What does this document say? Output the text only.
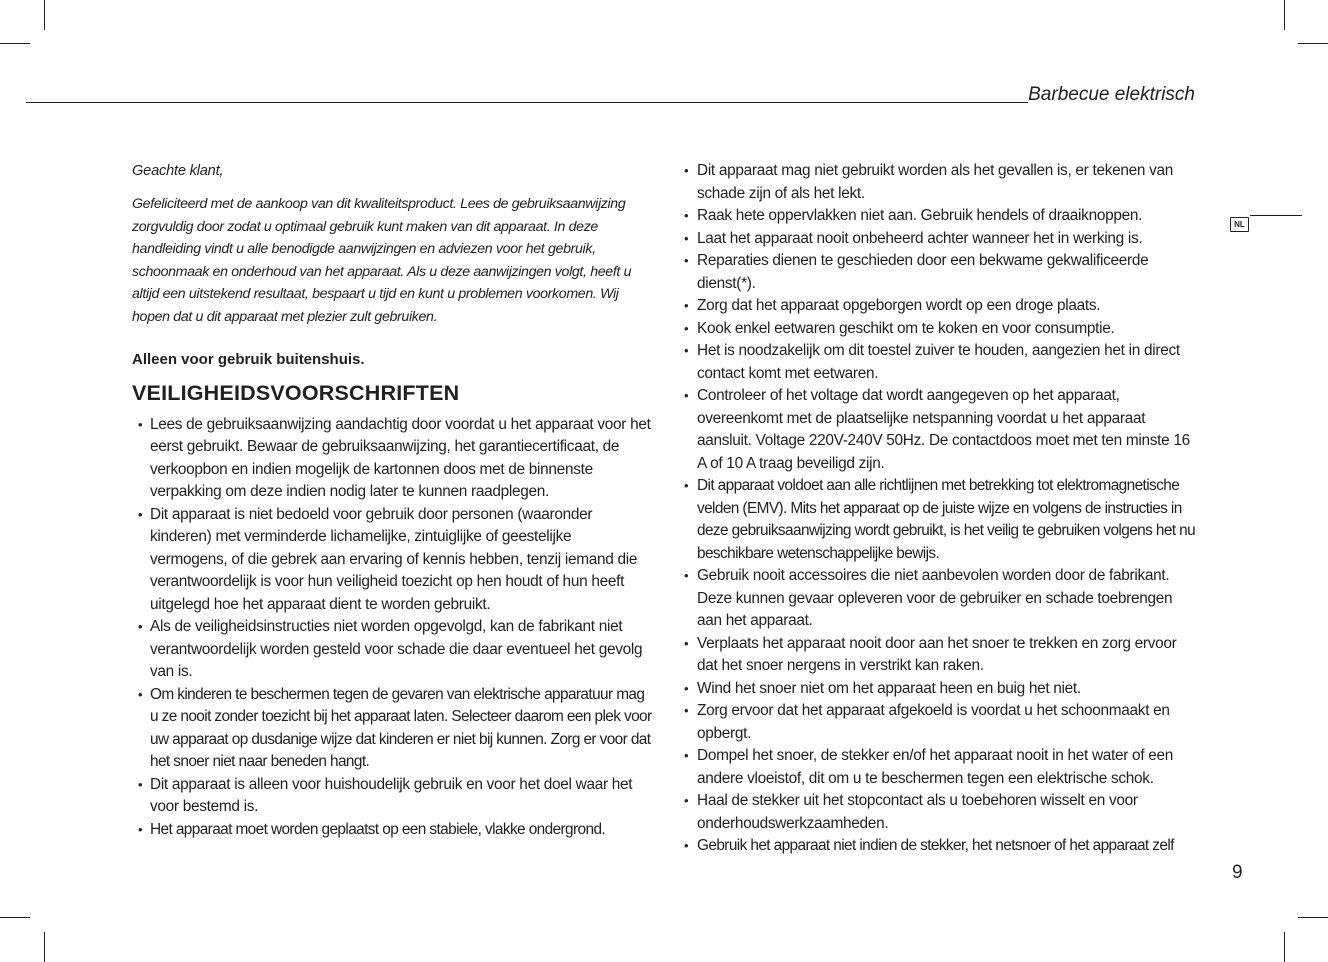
Barbecue elektrisch
NL

Geachte klant,

Gefeliciteerd met de aankoop van dit kwaliteitsproduct. Lees de gebruiksaanwijzing zorgvuldig door zodat u optimaal gebruik kunt maken van dit apparaat. In deze handleiding vindt u alle benodigde aanwijzingen en adviezen voor het gebruik, schoonmaak en onderhoud van het apparaat. Als u deze aanwijzingen volgt, heeft u altijd een uitstekend resultaat, bespaart u tijd en kunt u problemen voorkomen. Wij hopen dat u dit apparaat met plezier zult gebruiken.

Alleen voor gebruik buitenshuis.

VEILIGHEIDSVOORSCHRIFTEN
• Lees de gebruiksaanwijzing aandachtig door voordat u het apparaat voor het eerst gebruikt. Bewaar de gebruiksaanwijzing, het garantiecertificaat, de verkoopbon en indien mogelijk de kartonnen doos met de binnenste verpakking om deze indien nodig later te kunnen raadplegen.
• Dit apparaat is niet bedoeld voor gebruik door personen (waaronder kinderen) met verminderde lichamelijke, zintuiglijke of geestelijke vermogens, of die gebrek aan ervaring of kennis hebben, tenzij iemand die verantwoordelijk is voor hun veiligheid toezicht op hen houdt of hun heeft uitgelegd hoe het apparaat dient te worden gebruikt.
• Als de veiligheidsinstructies niet worden opgevolgd, kan de fabrikant niet verantwoordelijk worden gesteld voor schade die daar eventueel het gevolg van is.
• Om kinderen te beschermen tegen de gevaren van elektrische apparatuur mag u ze nooit zonder toezicht bij het apparaat laten. Selecteer daarom een plek voor uw apparaat op dusdanige wijze dat kinderen er niet bij kunnen. Zorg er voor dat het snoer niet naar beneden hangt.
• Dit apparaat is alleen voor huishoudelijk gebruik en voor het doel waar het voor bestemd is.
• Het apparaat moet worden geplaatst op een stabiele, vlakke ondergrond.
• Dit apparaat mag niet gebruikt worden als het gevallen is, er tekenen van schade zijn of als het lekt.
• Raak hete oppervlakken niet aan. Gebruik hendels of draaiknoppen.
• Laat het apparaat nooit onbeheerd achter wanneer het in werking is.
• Reparaties dienen te geschieden door een bekwame gekwalificeerde dienst(*).
• Zorg dat het apparaat opgeborgen wordt op een droge plaats.
• Kook enkel eetwaren geschikt om te koken en voor consumptie.
• Het is noodzakelijk om dit toestel zuiver te houden, aangezien het in direct contact komt met eetwaren.
• Controleer of het voltage dat wordt aangegeven op het apparaat, overeenkomt met de plaatselijke netspanning voordat u het apparaat aansluit. Voltage 220V-240V 50Hz. De contactdoos moet met ten minste 16 A of 10 A traag beveiligd zijn.
• Dit apparaat voldoet aan alle richtlijnen met betrekking tot elektromagnetische velden (EMV). Mits het apparaat op de juiste wijze en volgens de instructies in deze gebruiksaanwijzing wordt gebruikt, is het veilig te gebruiken volgens het nu beschikbare wetenschappelijke bewijs.
• Gebruik nooit accessoires die niet aanbevolen worden door de fabrikant. Deze kunnen gevaar opleveren voor de gebruiker en schade toebrengen aan het apparaat.
• Verplaats het apparaat nooit door aan het snoer te trekken en zorg ervoor dat het snoer nergens in verstrikt kan raken.
• Wind het snoer niet om het apparaat heen en buig het niet.
• Zorg ervoor dat het apparaat afgekoeld is voordat u het schoonmaakt en opbergt.
• Dompel het snoer, de stekker en/of het apparaat nooit in het water of een andere vloeistof, dit om u te beschermen tegen een elektrische schok.
• Haal de stekker uit het stopcontact als u toebehoren wisselt en voor onderhoudswerkzaamheden.
• Gebruik het apparaat niet indien de stekker, het netsnoer of het apparaat zelf
9
